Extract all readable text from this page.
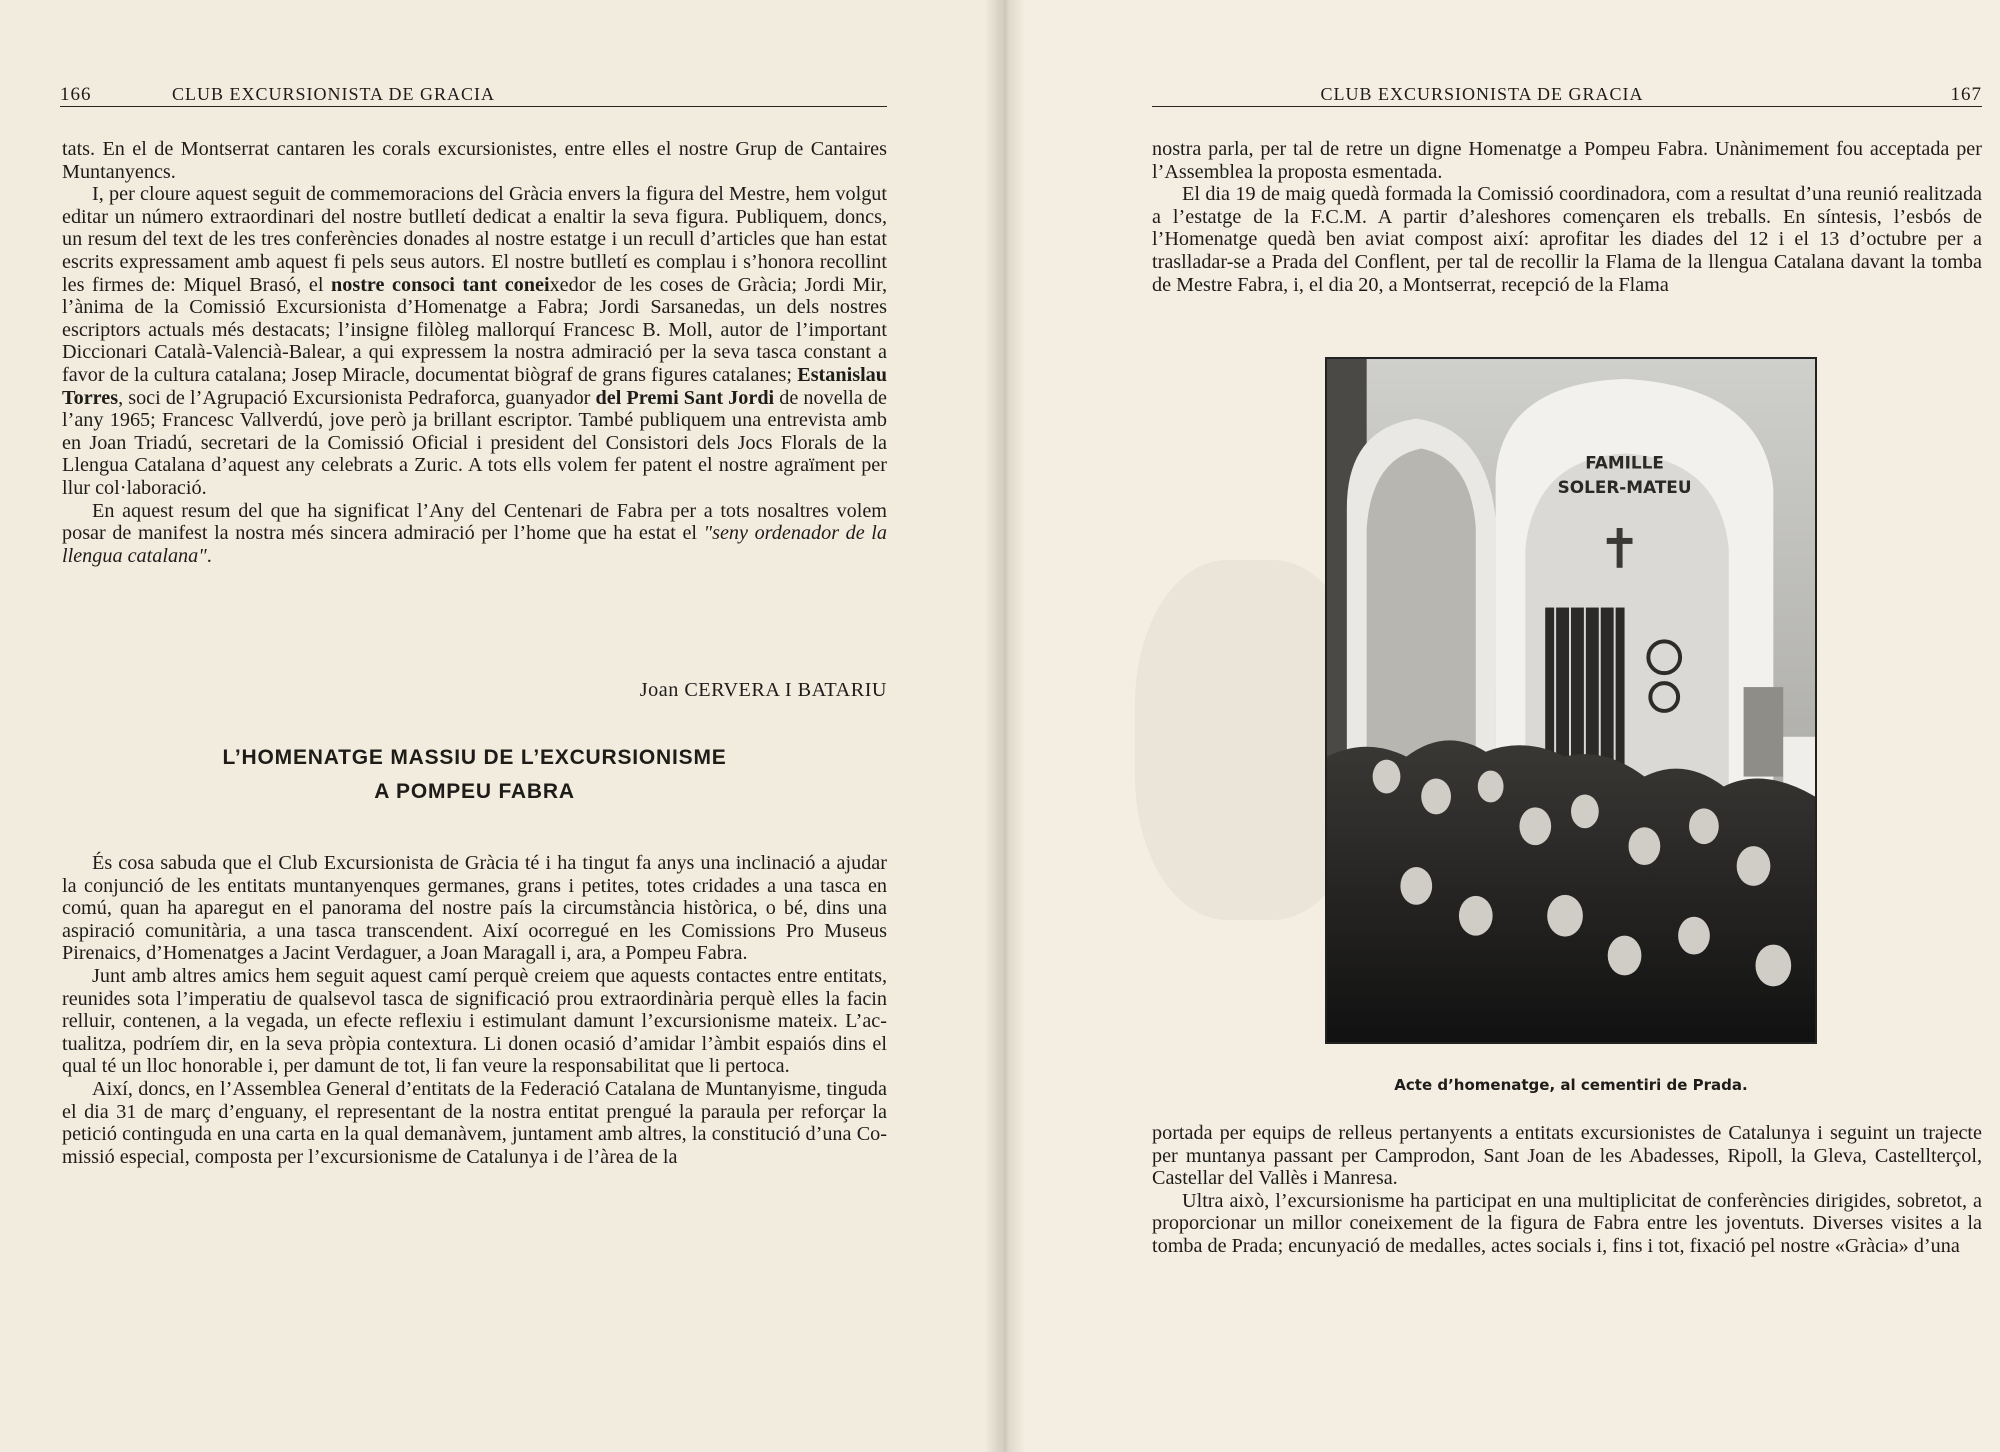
166	CLUB EXCURSIONISTA DE GRACIA

tats. En el de Montserrat cantaren les corals excursionistes, entre elles el nostre Grup de Cantaires Muntanyencs.

I, per cloure aquest seguit de commemoracions del Gràcia envers la figura del Mestre, hem volgut editar un número extraordinari del nostre butlletí dedicat a enaltir la seva figura. Publiquem, doncs, un resum del text de les tres conferències donades al nostre estatge i un recull d’articles que han estat escrits expressament amb aquest fi pels seus autors. El nostre butlletí es complau i s’honora recollint les firmes de: Miquel Brasó, el nostre consoci tant coneixedor de les coses de Gràcia; Jordi Mir, l’ànima de la Comissió Excursionista d’Homenatge a Fabra; Jordi Sarsanedas, un dels nostres escriptors actuals més destacats; l’insigne filòleg mallorquí Francesc B. Moll, autor de l’important Diccionari Català-Valencià-Balear, a qui expressem la nostra admiració per la seva tasca constant a favor de la cultura catalana; Josep Miracle, documentat biògraf de grans figures catalanes; Estanislau Torres, soci de l’Agrupació Excursionista Pedraforca, guanyador del Premi Sant Jordi de novella de l’any 1965; Francesc Vallverdú, jove però ja brillant escriptor. També publiquem una entrevista amb en Joan Triadú, secretari de la Comissió Oficial i president del Consistori dels Jocs Florals de la Llengua Catalana d’aquest any celebrats a Zuric. A tots ells volem fer patent el nostre agraïment per llur col·laboració.

En aquest resum del que ha significat l’Any del Centenari de Fabra per a tots nosaltres volem posar de manifest la nostra més sincera admiració per l’home que ha estat el "seny ordenador de la llengua catalana".

Joan CERVERA I BATARIU
L’HOMENATGE MASSIU DE L’EXCURSIONISME
A POMPEU FABRA

És cosa sabuda que el Club Excursionista de Gràcia té i ha tingut fa anys una inclinació a ajudar la conjunció de les entitats muntanyenques germanes, grans i petites, totes cridades a una tasca en comú, quan ha aparegut en el panorama del nostre país la circumstància històrica, o bé, dins una aspiració comunitària, a una tasca transcendent. Així ocorregué en les Comissions Pro Museus Pirenaics, d’Homenatges a Jacint Verdaguer, a Joan Maragall i, ara, a Pompeu Fabra.

Junt amb altres amics hem seguit aquest camí perquè creiem que aquests contactes entre entitats, reunides sota l’imperatiu de qualsevol tasca de significació prou extraordinària perquè elles la facin relluir, contenen, a la vegada, un efecte reflexiu i estimulant damunt l’excursionisme mateix. L’actualitza, podríem dir, en la seva pròpia contextura. Li donen ocasió d’amidar l’àmbit espaiós dins el qual té un lloc honorable i, per damunt de tot, li fan veure la responsabilitat que li pertoca.

Així, doncs, en l’Assemblea General d’entitats de la Federació Catalana de Muntanyisme, tinguda el dia 31 de març d’enguany, el representant de la nostra entitat prengué la paraula per reforçar la petició continguda en una carta en la qual demanàvem, juntament amb altres, la constitució d’una Comissió especial, composta per l’excursionisme de Catalunya i de l’àrea de la

CLUB EXCURSIONISTA DE GRACIA	167

nostra parla, per tal de retre un digne Homenatge a Pompeu Fabra. Unànimement fou acceptada per l’Assemblea la proposta esmentada.

El dia 19 de maig quedà formada la Comissió coordinadora, com a resultat d’una reunió realitzada a l’estatge de la F.C.M. A partir d’aleshores començaren els treballs. En síntesis, l’esbós de l’Homenatge quedà ben aviat compost així: aprofitar les diades del 12 i el 13 d’octubre per a traslladar-se a Prada del Conflent, per tal de recollir la Flama de la llengua Catalana davant la tomba de Mestre Fabra, i, el dia 20, a Montserrat, recepció de la Flama

FAMILLE
SOLER-MATEU
Acte d’homenatge, al cementiri de Prada.

portada per equips de relleus pertanyents a entitats excursionistes de Catalunya i seguint un trajecte per muntanya passant per Camprodon, Sant Joan de les Abadesses, Ripoll, la Gleva, Castellterçol, Castellar del Vallès i Manresa.

Ultra això, l’excursionisme ha participat en una multiplicitat de conferències dirigides, sobretot, a proporcionar un millor coneixement de la figura de Fabra entre les joventuts. Diverses visites a la tomba de Prada; encunyació de medalles, actes socials i, fins i tot, fixació pel nostre «Gràcia» d’una
